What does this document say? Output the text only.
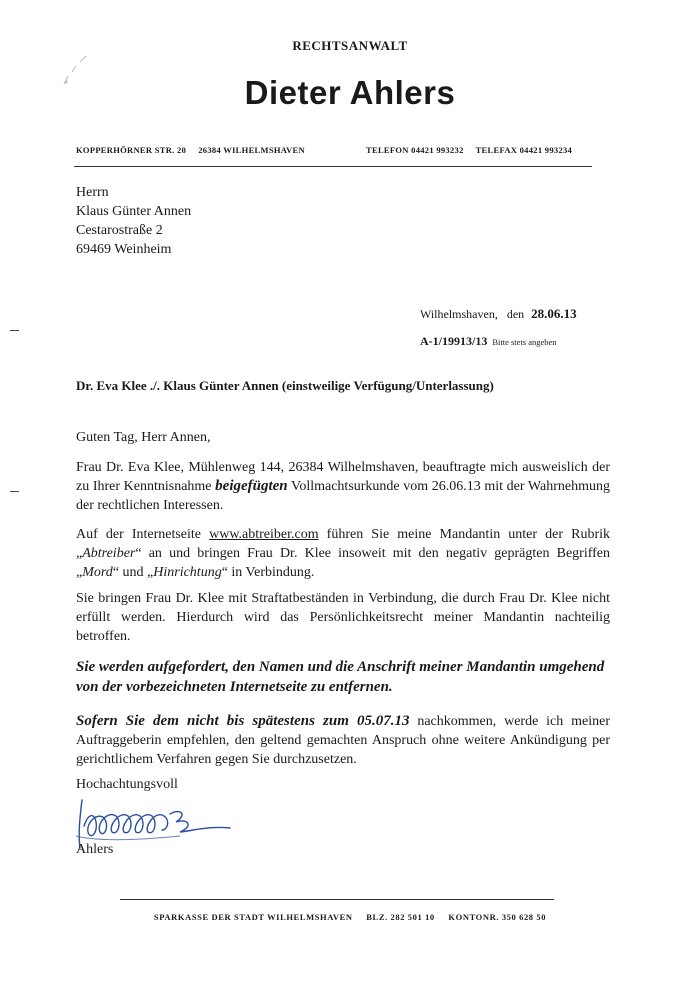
RECHTSANWALT
Dieter Ahlers
KOPPERHÖRNER STR. 20     26384 WILHELMSHAVEN	TELEFON 04421 993232     TELEFAX 04421 993234
Herrn
Klaus Günter Annen
Cestarostraße 2
69469 Weinheim
Wilhelmshaven,   den 28.06.13
A-1/19913/13 Bitte stets angeben
Dr. Eva Klee ./. Klaus Günter Annen (einstweilige Verfügung/Unterlassung)
Guten Tag, Herr Annen,
Frau Dr. Eva Klee, Mühlenweg 144, 26384 Wilhelmshaven, beauftragte mich ausweislich der zu Ihrer Kenntnisnahme beigefügten Vollmachtsurkunde vom 26.06.13 mit der Wahrnehmung der rechtlichen Interessen.
Auf der Internetseite www.abtreiber.com führen Sie meine Mandantin unter der Rubrik „Abtreiber“ an und bringen Frau Dr. Klee insoweit mit den negativ geprägten Begriffen „Mord“ und „Hinrichtung“ in Verbindung.
Sie bringen Frau Dr. Klee mit Straftatbeständen in Verbindung, die durch Frau Dr. Klee nicht erfüllt werden. Hierdurch wird das Persönlichkeitsrecht meiner Mandantin nachteilig betroffen.
Sie werden aufgefordert, den Namen und die Anschrift meiner Mandantin umgehend von der vorbezeichneten Internetseite zu entfernen.
Sofern Sie dem nicht bis spätestens zum 05.07.13 nachkommen, werde ich meiner Auftraggeberin empfehlen, den geltend gemachten Anspruch ohne weitere Ankündigung per gerichtlichem Verfahren gegen Sie durchzusetzen.
Hochachtungsvoll
Ahlers
SPARKASSE DER STADT WILHELMSHAVEN     BLZ. 282 501 10     KONTONR. 350 628 50
